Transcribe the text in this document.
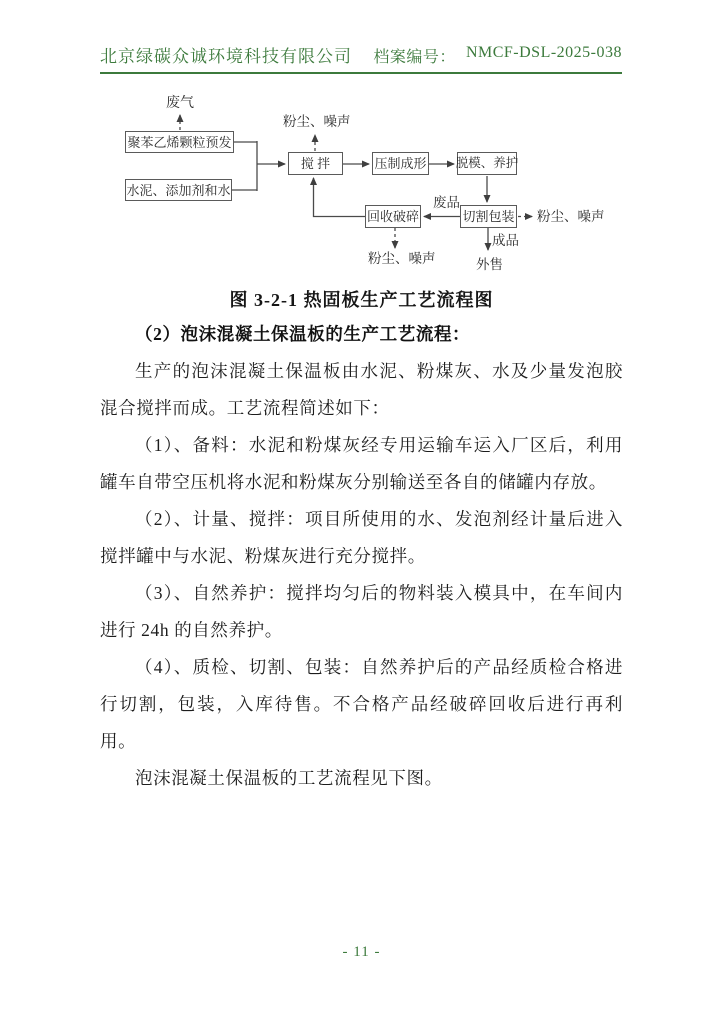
北京绿碳众诚环境科技有限公司 档案编号： NMCF-DSL-2025-038
聚苯乙烯颗粒预发
水泥、添加剂和水
搅 拌	压制成形 脱模、养护
切割包装
回收破碎
废气
粉尘、噪声
废品
粉尘、噪声
成品
外售
粉尘、噪声
图 3-2-1 热固板生产工艺流程图

（2）泡沫混凝土保温板的生产工艺流程：

生产的泡沫混凝土保温板由水泥、粉煤灰、水及少量发泡胶混合搅拌而成。工艺流程简述如下：

（1）、备料：水泥和粉煤灰经专用运输车运入厂区后，利用罐车自带空压机将水泥和粉煤灰分别输送至各自的储罐内存放。

（2）、计量、搅拌：项目所使用的水、发泡剂经计量后进入搅拌罐中与水泥、粉煤灰进行充分搅拌。

（3）、自然养护：搅拌均匀后的物料装入模具中，在车间内进行 24h 的自然养护。

（4）、质检、切割、包装：自然养护后的产品经质检合格进行切割，包装，入库待售。不合格产品经破碎回收后进行再利用。

泡沫混凝土保温板的工艺流程见下图。

- 11 -
